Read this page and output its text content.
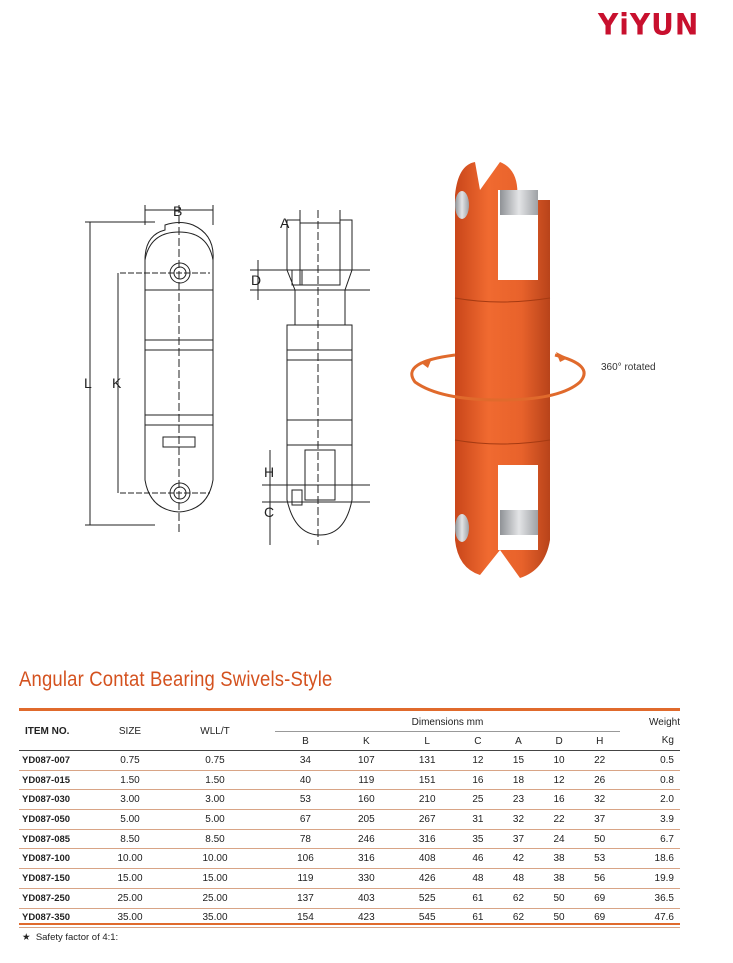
YiYUN
B
A
D
L K
H
C
360° rotated
Angular Contat Bearing Swivels-Style
ITEM NO.	SIZE	WLL/T	Dimensions mm							Weight
			B	K	L	C	A	D	H	Kg
YD087-007	0.75	0.75	34	107	131	12	15	10	22	0.5
YD087-015	1.50	1.50	40	119	151	16	18	12	26	0.8
YD087-030	3.00	3.00	53	160	210	25	23	16	32	2.0
YD087-050	5.00	5.00	67	205	267	31	32	22	37	3.9
YD087-085	8.50	8.50	78	246	316	35	37	24	50	6.7
YD087-100	10.00	10.00	106	316	408	46	42	38	53	18.6
YD087-150	15.00	15.00	119	330	426	48	48	38	56	19.9
YD087-250	25.00	25.00	137	403	525	61	62	50	69	36.5
YD087-350	35.00	35.00	154	423	545	61	62	50	69	47.6
★ Safety factor of 4:1:
